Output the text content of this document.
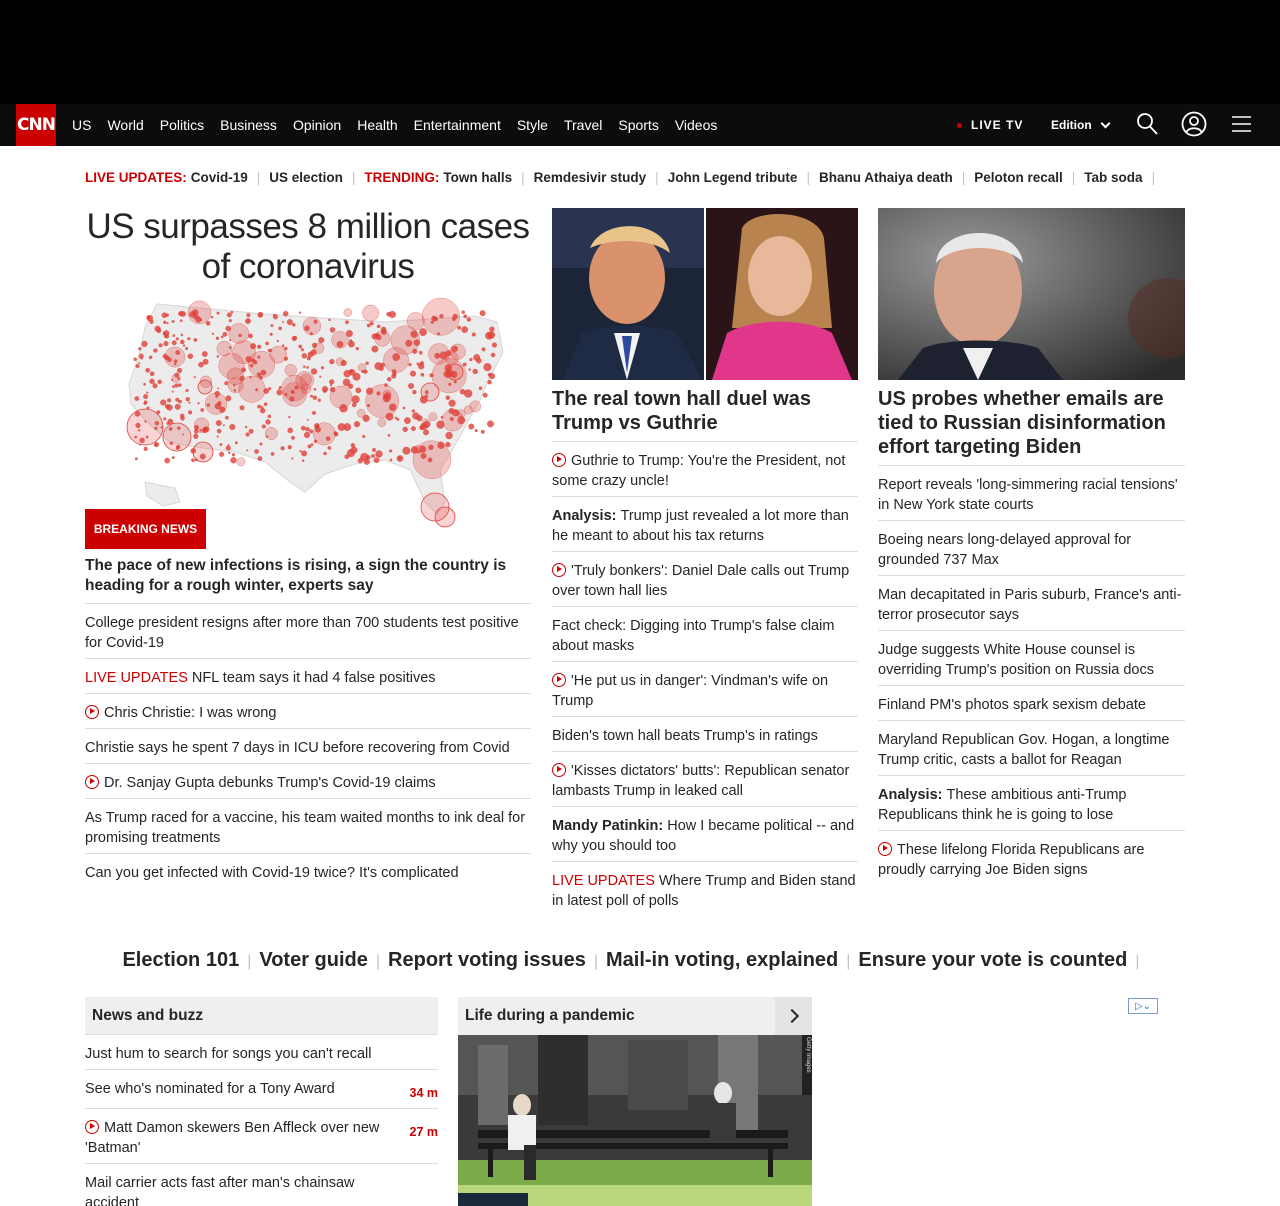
CNN US World Politics Business Opinion Health Entertainment Style Travel Sports Videos	LIVE TV Edition
LIVE UPDATES: Covid-19 | US election | TRENDING: Town halls | Remdesivir study | John Legend tribute | Bhanu Athaiya death | Peloton recall | Tab soda |
US surpasses 8 million cases of coronavirus
BREAKING NEWS
The pace of new infections is rising, a sign the country is heading for a rough winter, experts say
College president resigns after more than 700 students test positive for Covid-19
LIVE UPDATES NFL team says it had 4 false positives
Chris Christie: I was wrong
Christie says he spent 7 days in ICU before recovering from Covid
Dr. Sanjay Gupta debunks Trump's Covid-19 claims
As Trump raced for a vaccine, his team waited months to ink deal for promising treatments
Can you get infected with Covid-19 twice? It's complicated
The real town hall duel was Trump vs Guthrie
Guthrie to Trump: You're the President, not some crazy uncle!
Analysis: Trump just revealed a lot more than he meant to about his tax returns
'Truly bonkers': Daniel Dale calls out Trump over town hall lies
Fact check: Digging into Trump's false claim about masks
'He put us in danger': Vindman's wife on Trump
Biden's town hall beats Trump's in ratings
'Kisses dictators' butts': Republican senator lambasts Trump in leaked call
Mandy Patinkin: How I became political -- and why you should too
LIVE UPDATES Where Trump and Biden stand in latest poll of polls
US probes whether emails are tied to Russian disinformation effort targeting Biden
Report reveals 'long-simmering racial tensions' in New York state courts
Boeing nears long-delayed approval for grounded 737 Max
Man decapitated in Paris suburb, France's anti-terror prosecutor says
Judge suggests White House counsel is overriding Trump's position on Russia docs
Finland PM's photos spark sexism debate
Maryland Republican Gov. Hogan, a longtime Trump critic, casts a ballot for Reagan
Analysis: These ambitious anti-Trump Republicans think he is going to lose
These lifelong Florida Republicans are proudly carrying Joe Biden signs
Election 101 | Voter guide | Report voting issues | Mail-in voting, explained | Ensure your vote is counted |
News and buzz
Just hum to search for songs you can't recall
See who's nominated for a Tony Award	34 m
Matt Damon skewers Ben Affleck over new 'Batman'
27 m
Mail carrier acts fast after man's chainsaw accident
Life during a pandemic
Getty Images
▷⌄
